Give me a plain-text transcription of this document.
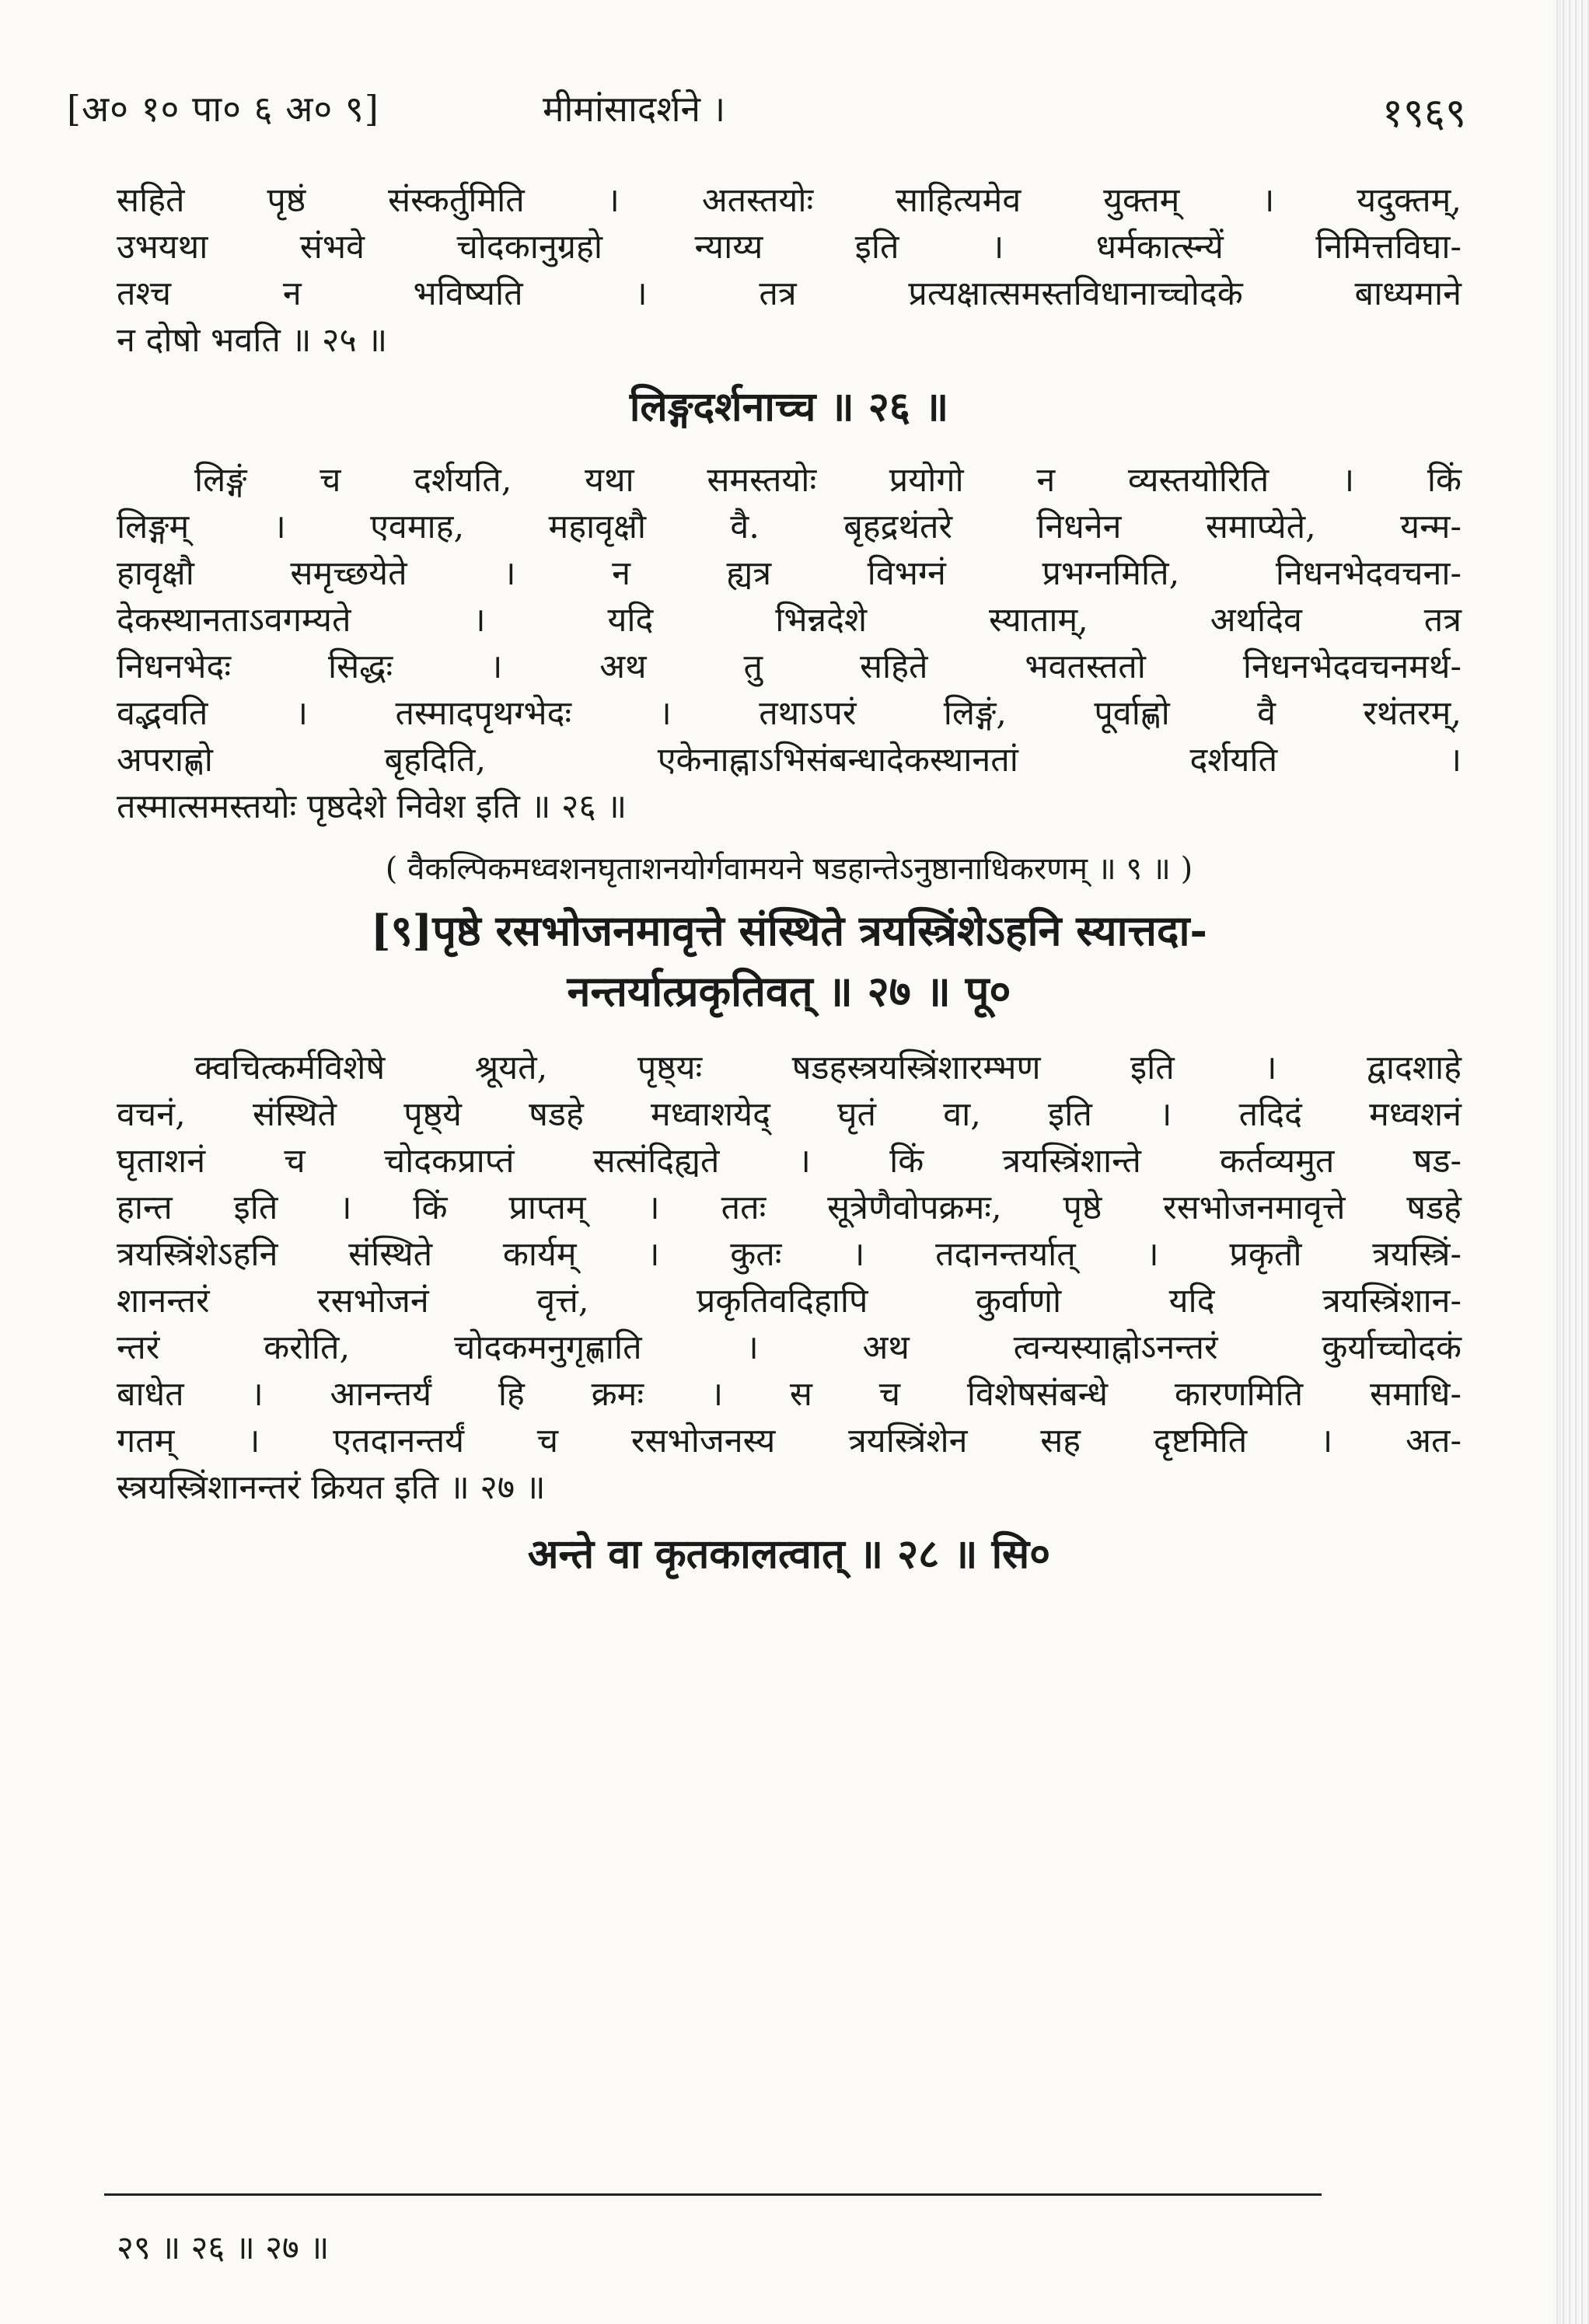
[अ० १० पा० ६ अ० ९]	मीमांसादर्शने ।	१९६९
सहिते पृष्ठं संस्कर्तुमिति । अतस्तयोः साहित्यमेव युक्तम् । यदुक्तम्,
उभयथा संभवे चोदकानुग्रहो न्याय्य इति । धर्मकात्स्न्यें निमित्तविघा-
तश्च न भविष्यति । तत्र प्रत्यक्षात्समस्तविधानाच्चोदके बाध्यमाने
न दोषो भवति ॥ २५ ॥
लिङ्गदर्शनाच्च ॥ २६ ॥
लिङ्गं च दर्शयति, यथा समस्तयोः प्रयोगो न व्यस्तयोरिति । किं
लिङ्गम् । एवमाह, महावृक्षौ वै. बृहद्रथंतरे निधनेन समाप्येते, यन्म-
हावृक्षौ समृच्छयेते । न ह्यत्र विभग्नं प्रभग्नमिति, निधनभेदवचना-
देकस्थानताऽवगम्यते । यदि भिन्नदेशे स्याताम्, अर्थादेव तत्र
निधनभेदः सिद्धः । अथ तु सहिते भवतस्ततो निधनभेदवचनमर्थ-
वद्भवति । तस्मादपृथग्भेदः । तथाऽपरं लिङ्गं, पूर्वाह्णो वै रथंतरम्,
अपराह्णो बृहदिति, एकेनाह्नाऽभिसंबन्धादेकस्थानतां दर्शयति ।
तस्मात्समस्तयोः पृष्ठदेशे निवेश इति ॥ २६ ॥
( वैकल्पिकमध्वशनघृताशनयोर्गवामयने षडहान्तेऽनुष्ठानाधिकरणम् ॥ ९ ॥ )
[९]पृष्ठे रसभोजनमावृत्ते संस्थिते त्रयस्त्रिंशेऽहनि स्यात्तदा-
नन्तर्यात्प्रकृतिवत् ॥ २७ ॥ पू०
क्वचित्कर्मविशेषे श्रूयते, पृष्ठ्यः षडहस्त्रयस्त्रिंशारम्भण इति । द्वादशाहे
वचनं, संस्थिते पृष्ठ्ये षडहे मध्वाशयेद् घृतं वा, इति । तदिदं मध्वशनं
घृताशनं च चोदकप्राप्तं सत्संदिह्यते । किं त्रयस्त्रिंशान्ते कर्तव्यमुत षड-
हान्त इति । किं प्राप्तम् । ततः सूत्रेणैवोपक्रमः, पृष्ठे रसभोजनमावृत्ते षडहे
त्रयस्त्रिंशेऽहनि संस्थिते कार्यम् । कुतः । तदानन्तर्यात् । प्रकृतौ त्रयस्त्रिं-
शानन्तरं रसभोजनं वृत्तं, प्रकृतिवदिहापि कुर्वाणो यदि त्रयस्त्रिंशान-
न्तरं करोति, चोदकमनुगृह्णाति । अथ त्वन्यस्याह्नोऽनन्तरं कुर्याच्चोदकं
बाधेत । आनन्तर्यं हि क्रमः । स च विशेषसंबन्धे कारणमिति समाधि-
गतम् । एतदानन्तर्यं च रसभोजनस्य त्रयस्त्रिंशेन सह दृष्टमिति । अत-
स्त्रयस्त्रिंशानन्तरं क्रियत इति ॥ २७ ॥
अन्ते वा कृतकालत्वात् ॥ २८ ॥ सि०
२९ ॥ २६ ॥ २७ ॥
